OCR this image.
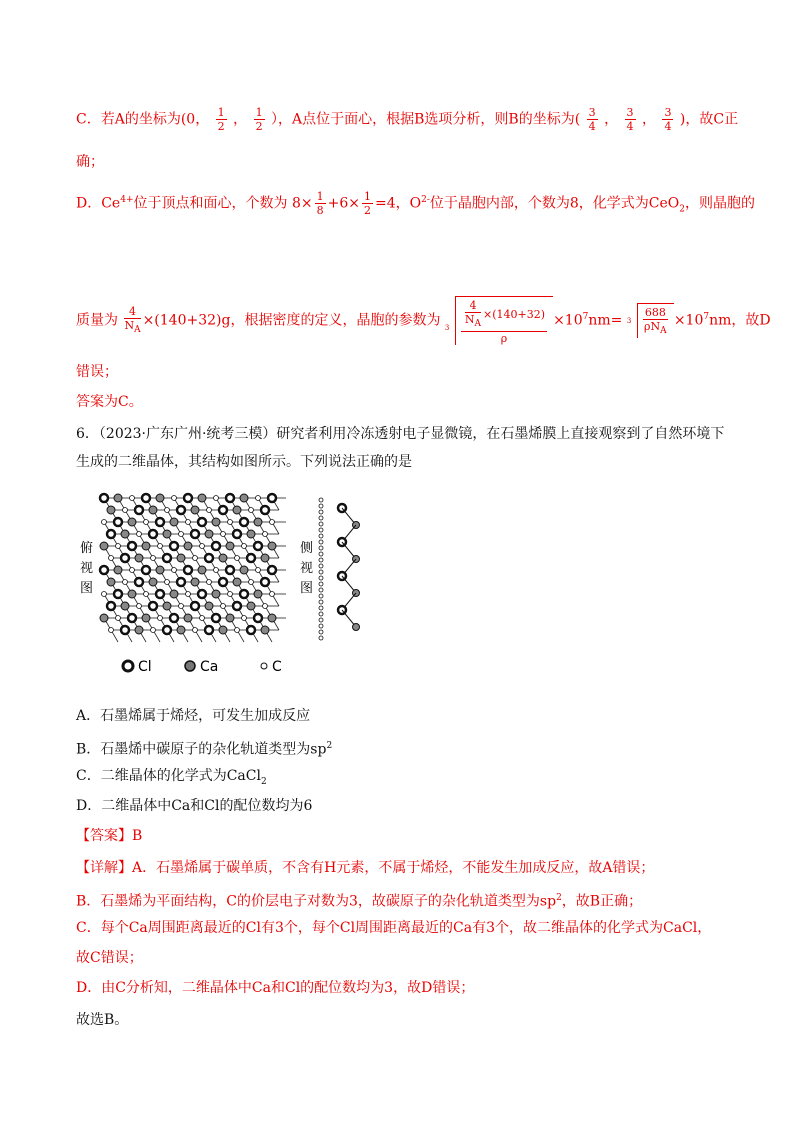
C．若A的坐标为(0， $\frac{1}{2}$ ， $\frac{1}{2}$ ），A点位于面心，根据B选项分析，则B的坐标为( $\frac{3}{4}$ ， $\frac{3}{4}$ ， $\frac{3}{4}$ )，故C正
确；
D．$Ce^{4+}$位于顶点和面心，个数为 $8\times \frac{1}{8} +6\times \frac{1}{2} =4$，$O^{2-}$位于晶胞内部，个数为8，化学式为CeO$_2$，则晶胞的
质量为 $\frac{4}{N_A} \times(140+32)g$，根据密度的定义，晶胞的参数为 $3 \frac{\frac{4}{N_A} \times(140+32)}{\rho} \times 10^7nm= 3 \frac{688}{\rho N_A} \times 10^7nm$，故D
错误；
答案为C。
6．（2023·广东广州·统考三模）研究者利用冷冻透射电子显微镜，在石墨烯膜上直接观察到了自然环境下
生成的二维晶体，其结构如图所示。下列说法正确的是
俯
视
图
侧
视
图
Cl	Ca	C
A．石墨烯属于烯烃，可发生加成反应
B．石墨烯中碳原子的杂化轨道类型为$sp^2$
C．二维晶体的化学式为CaCl$_2$
D．二维晶体中Ca和Cl的配位数均为6
【答案】B
【详解】A．石墨烯属于碳单质，不含有H元素，不属于烯烃，不能发生加成反应，故A错误；
B．石墨烯为平面结构，C的价层电子对数为3，故碳原子的杂化轨道类型为$sp^2$，故B正确；
C．每个Ca周围距离最近的Cl有3个，每个Cl周围距离最近的Ca有3个，故二维晶体的化学式为CaCl，
故C错误；
D．由C分析知，二维晶体中Ca和Cl的配位数均为3，故D错误；
故选B。
